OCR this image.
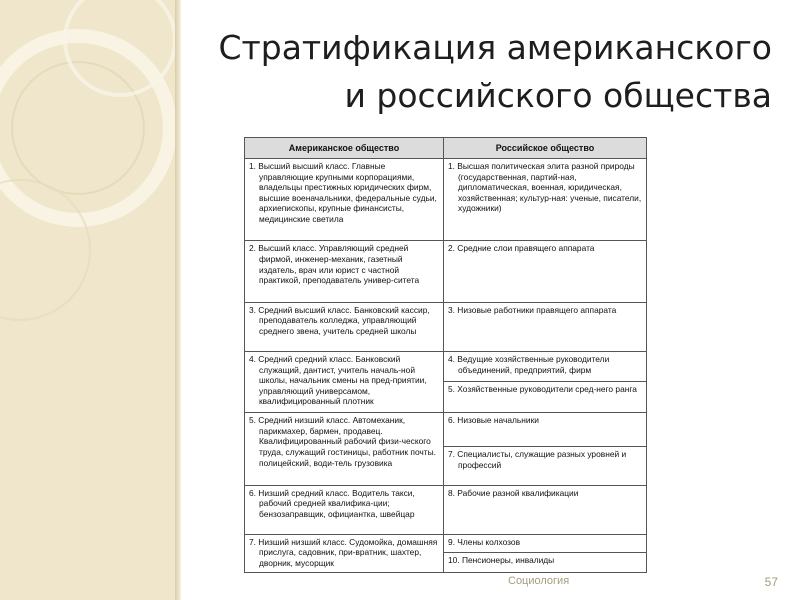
Стратификация американского
и российского общества
Американское общество	Российское общество

1. Высший высший класс. Главные управляющие крупными корпорациями, владельцы престижных юридических фирм, высшие военачальники, федеральные судьи, архиепископы, крупные финансисты, медицинские светила	1. Высшая политическая элита разной природы (государственная, партий-ная, дипломатическая, военная, юридическая, хозяйственная; культур-ная: ученые, писатели, художники)

2. Высший класс. Управляющий средней фирмой, инженер-механик, газетный издатель, врач или юрист с частной практикой, преподаватель универ-ситета	2. Средние слои правящего аппарата

3. Средний высший класс. Банковский кассир, преподаватель колледжа, управляющий среднего звена, учитель средней школы	3. Низовые работники правящего аппарата

4. Средний средний класс. Банковский служащий, дантист, учитель началь-ной школы, начальник смены на пред-приятии, управляющий универсамом, квалифицированный плотник	4. Ведущие хозяйственные руководители объединений, предприятий, фирм

	5. Хозяйственные руководители сред-него ранга

5. Средний низший класс. Автомеханик, парикмахер, бармен, продавец. Квалифицированный рабочий физи-ческого труда, служащий гостиницы, работник почты. полицейский, води-тель грузовика	6. Низовые начальники

	7. Специалисты, служащие разных уровней и профессий

6. Низший средний класс. Водитель такси, рабочий средней квалифика-ции; бензозаправщик, официантка, швейцар	8. Рабочие разной квалификации

7. Низший низший класс. Судомойка, домашняя прислуга, садовник, при-вратник, шахтер, дворник, мусорщик	9. Члены колхозов

	10. Пенсионеры, инвалиды
Социология	57
